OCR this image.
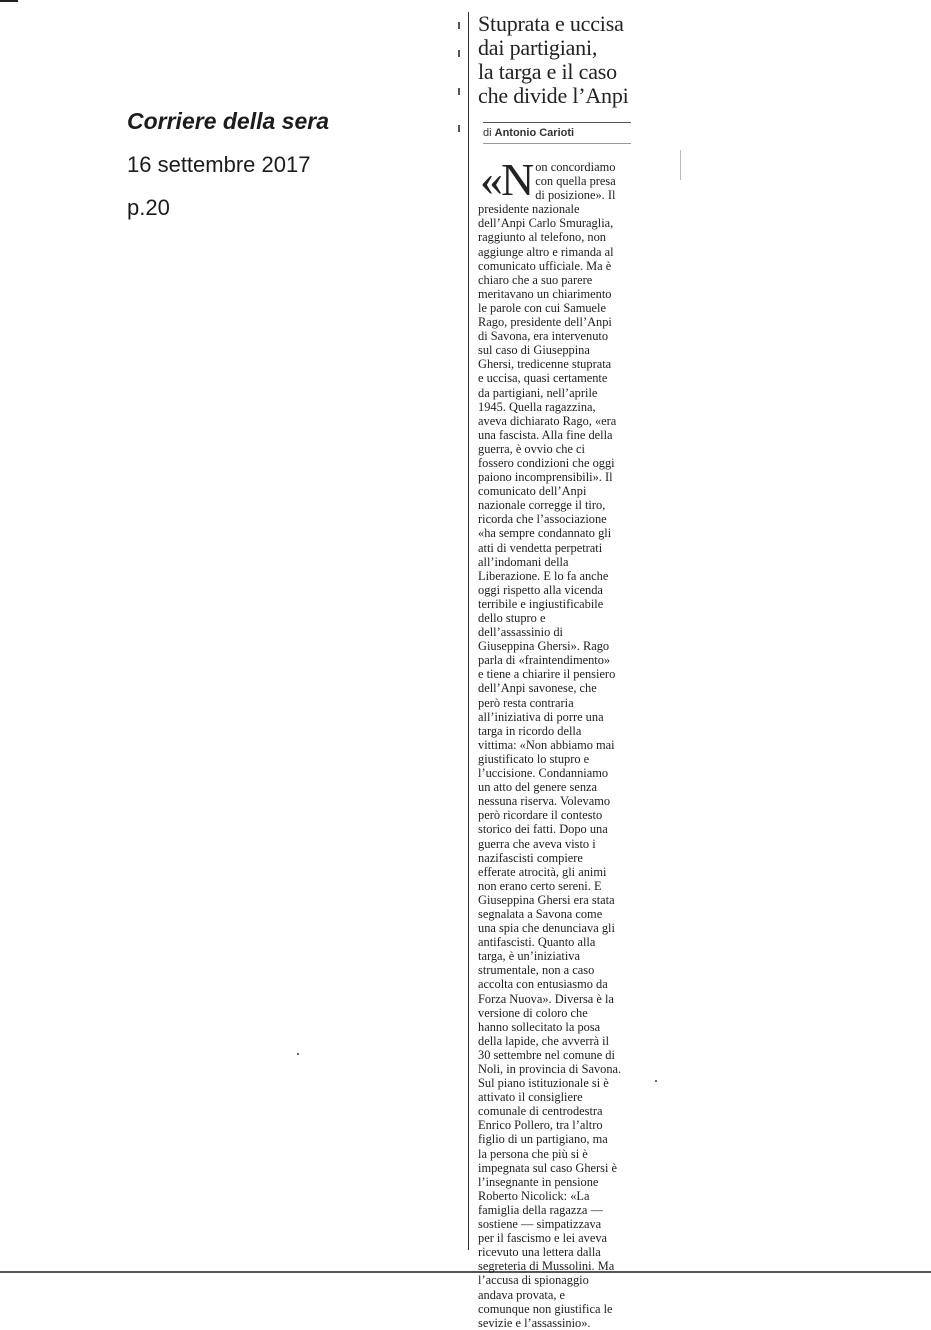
Corriere della sera

16 settembre 2017

p.20

Stuprata e uccisa
dai partigiani,
la targa e il caso
che divide l’Anpi

di Antonio Carioti

«N on concordiamo
con quella presa
di posizione». Il

presidente nazionale
dell’Anpi Carlo Smuraglia,
raggiunto al telefono, non
aggiunge altro e rimanda al
comunicato ufficiale. Ma è
chiaro che a suo parere
meritavano un chiarimento
le parole con cui Samuele
Rago, presidente dell’Anpi
di Savona, era intervenuto
sul caso di Giuseppina
Ghersi, tredicenne stuprata
e uccisa, quasi certamente
da partigiani, nell’aprile
1945. Quella ragazzina,
aveva dichiarato Rago, «era
una fascista. Alla fine della
guerra, è ovvio che ci
fossero condizioni che oggi
paiono incomprensibili». Il
comunicato dell’Anpi
nazionale corregge il tiro,
ricorda che l’associazione
«ha sempre condannato gli
atti di vendetta perpetrati
all’indomani della
Liberazione. E lo fa anche
oggi rispetto alla vicenda
terribile e ingiustificabile
dello stupro e
dell’assassinio di
Giuseppina Ghersi». Rago
parla di «fraintendimento»
e tiene a chiarire il pensiero
dell’Anpi savonese, che
però resta contraria
all’iniziativa di porre una
targa in ricordo della
vittima: «Non abbiamo mai
giustificato lo stupro e
l’uccisione. Condanniamo
un atto del genere senza
nessuna riserva. Volevamo
però ricordare il contesto
storico dei fatti. Dopo una
guerra che aveva visto i
nazifascisti compiere
efferate atrocità, gli animi
non erano certo sereni. E
Giuseppina Ghersi era stata
segnalata a Savona come
una spia che denunciava gli
antifascisti. Quanto alla
targa, è un’iniziativa
strumentale, non a caso
accolta con entusiasmo da
Forza Nuova». Diversa è la
versione di coloro che
hanno sollecitato la posa
della lapide, che avverrà il
30 settembre nel comune di
Noli, in provincia di Savona.
Sul piano istituzionale si è
attivato il consigliere
comunale di centrodestra
Enrico Pollero, tra l’altro
figlio di un partigiano, ma
la persona che più si è
impegnata sul caso Ghersi è
l’insegnante in pensione
Roberto Nicolick: «La
famiglia della ragazza —
sostiene — simpatizzava
per il fascismo e lei aveva
ricevuto una lettera dalla
segreteria di Mussolini. Ma
l’accusa di spionaggio
andava provata, e
comunque non giustifica le
sevizie e l’assassinio».
